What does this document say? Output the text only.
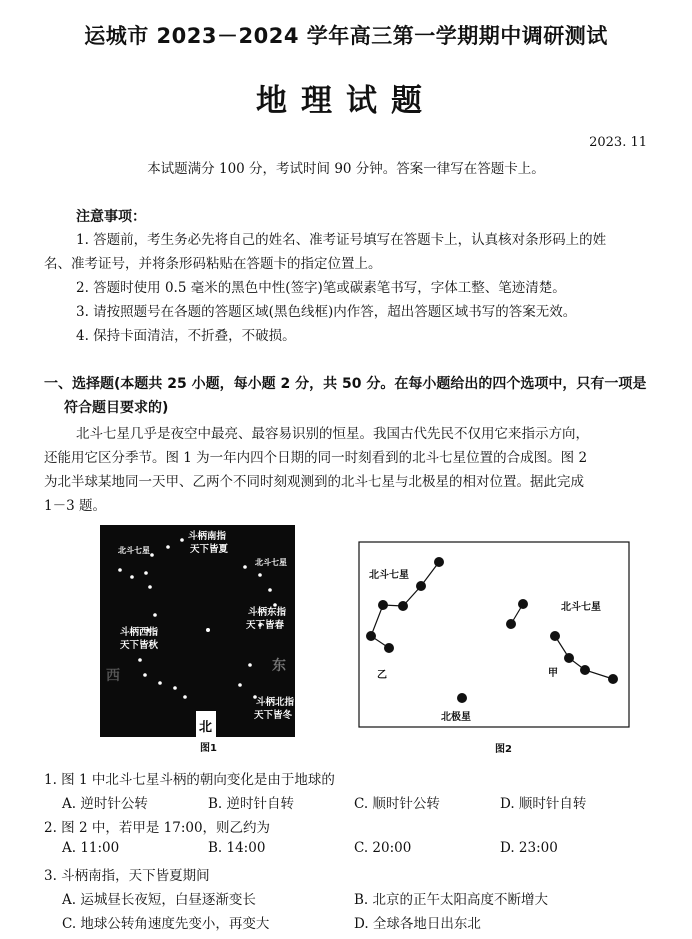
运城市 2023－2024 学年高三第一学期期中调研测试
地理试题
2023. 11
本试题满分 100 分，考试时间 90 分钟。答案一律写在答题卡上。
注意事项：
1. 答题前，考生务必先将自己的姓名、准考证号填写在答题卡上，认真核对条形码上的姓
名、准考证号，并将条形码粘贴在答题卡的指定位置上。
2. 答题时使用 0.5 毫米的黑色中性(签字)笔或碳素笔书写，字体工整、笔迹清楚。
3. 请按照题号在各题的答题区域(黑色线框)内作答，超出答题区域书写的答案无效。
4. 保持卡面清洁，不折叠，不破损。
一、选择题(本题共 25 小题，每小题 2 分，共 50 分。在每小题给出的四个选项中，只有一项是
符合题目要求的)
北斗七星几乎是夜空中最亮、最容易识别的恒星。我国古代先民不仅用它来指示方向，
还能用它区分季节。图 1 为一年内四个日期的同一时刻看到的北斗七星位置的合成图。图 2
为北半球某地同一天甲、乙两个不同时刻观测到的北斗七星与北极星的相对位置。据此完成
1－3 题。
斗柄南指
天下皆夏
北斗七星
北斗七星
斗柄东指
天下皆春
斗柄西指
天下皆秋
斗柄北指
天下皆冬
东
西
北
图1
北斗七星
北斗七星
乙	甲
北极星
图2
1. 图 1 中北斗七星斗柄的朝向变化是由于地球的
A. 逆时针公转	B. 逆时针自转	C. 顺时针公转	D. 顺时针自转
2. 图 2 中，若甲是 17:00，则乙约为
A. 11:00	B. 14:00	C. 20:00	D. 23:00
3. 斗柄南指，天下皆夏期间
A. 运城昼长夜短，白昼逐渐变长	B. 北京的正午太阳高度不断增大
C. 地球公转角速度先变小，再变大	D. 全球各地日出东北
